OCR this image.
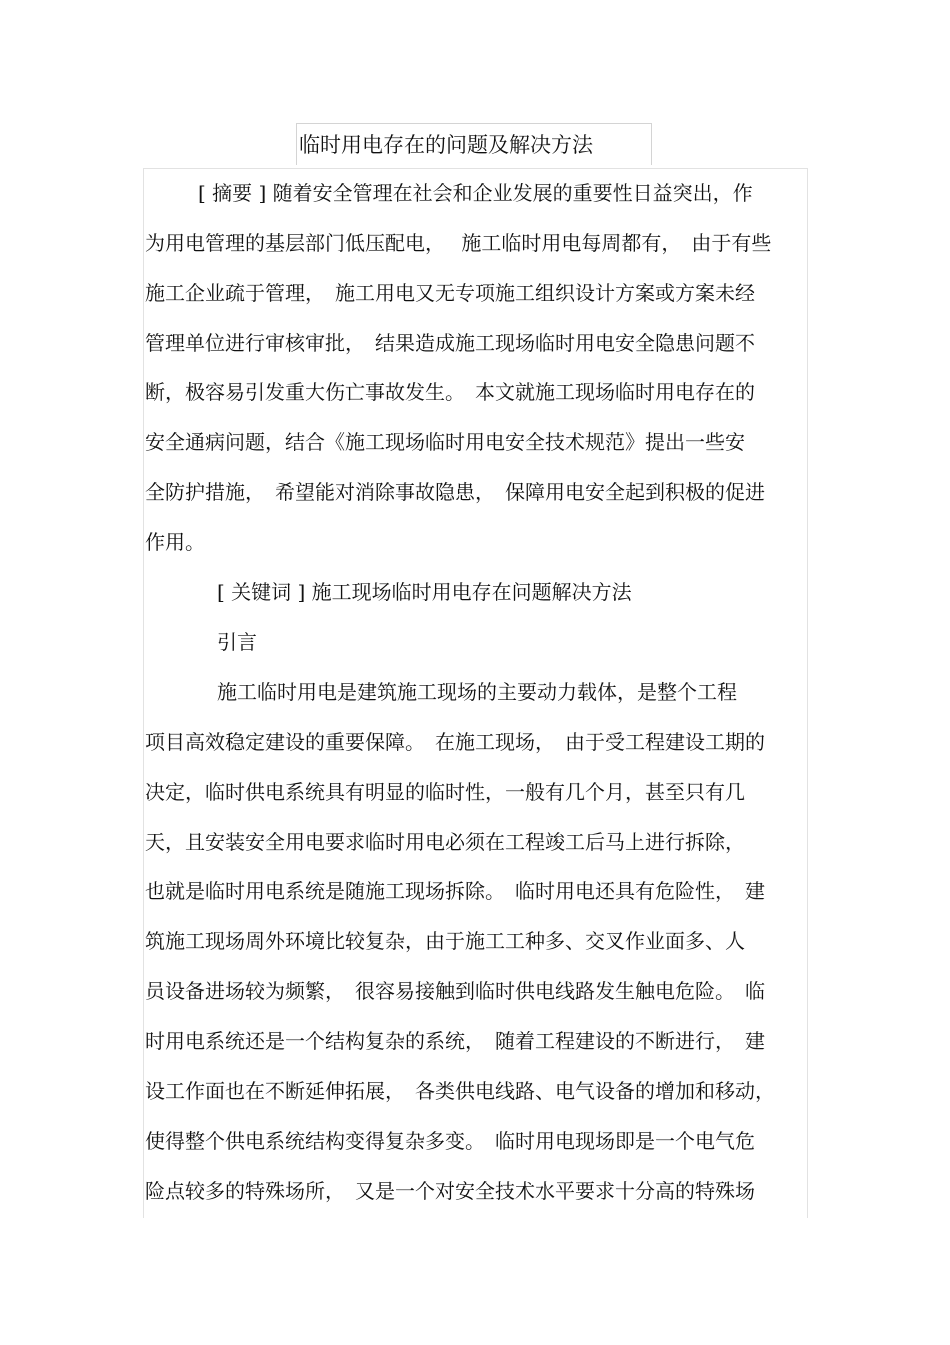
临时用电存在的问题及解决方法
[ 摘要 ] 随着安全管理在社会和企业发展的重要性日益突出，作
为用电管理的基层部门低压配电，　 施工临时用电每周都有，　由于有些
施工企业疏于管理，　施工用电又无专项施工组织设计方案或方案未经
管理单位进行审核审批，　结果造成施工现场临时用电安全隐患问题不
断，极容易引发重大伤亡事故发生。　本文就施工现场临时用电存在的
安全通病问题，结合《施工现场临时用电安全技术规范》提出一些安
全防护措施，　希望能对消除事故隐患，　保障用电安全起到积极的促进
作用。
[ 关键词 ] 施工现场临时用电存在问题解决方法
引言
施工临时用电是建筑施工现场的主要动力载体，是整个工程
项目高效稳定建设的重要保障。　在施工现场，　由于受工程建设工期的
决定，临时供电系统具有明显的临时性，一般有几个月，甚至只有几
天，且安装安全用电要求临时用电必须在工程竣工后马上进行拆除，
也就是临时用电系统是随施工现场拆除。　临时用电还具有危险性，　建
筑施工现场周外环境比较复杂，由于施工工种多、交叉作业面多、人
员设备进场较为频繁，　很容易接触到临时供电线路发生触电危险。　临
时用电系统还是一个结构复杂的系统，　随着工程建设的不断进行，　建
设工作面也在不断延伸拓展，　各类供电线路、电气设备的增加和移动，
使得整个供电系统结构变得复杂多变。　临时用电现场即是一个电气危
险点较多的特殊场所，　又是一个对安全技术水平要求十分高的特殊场
